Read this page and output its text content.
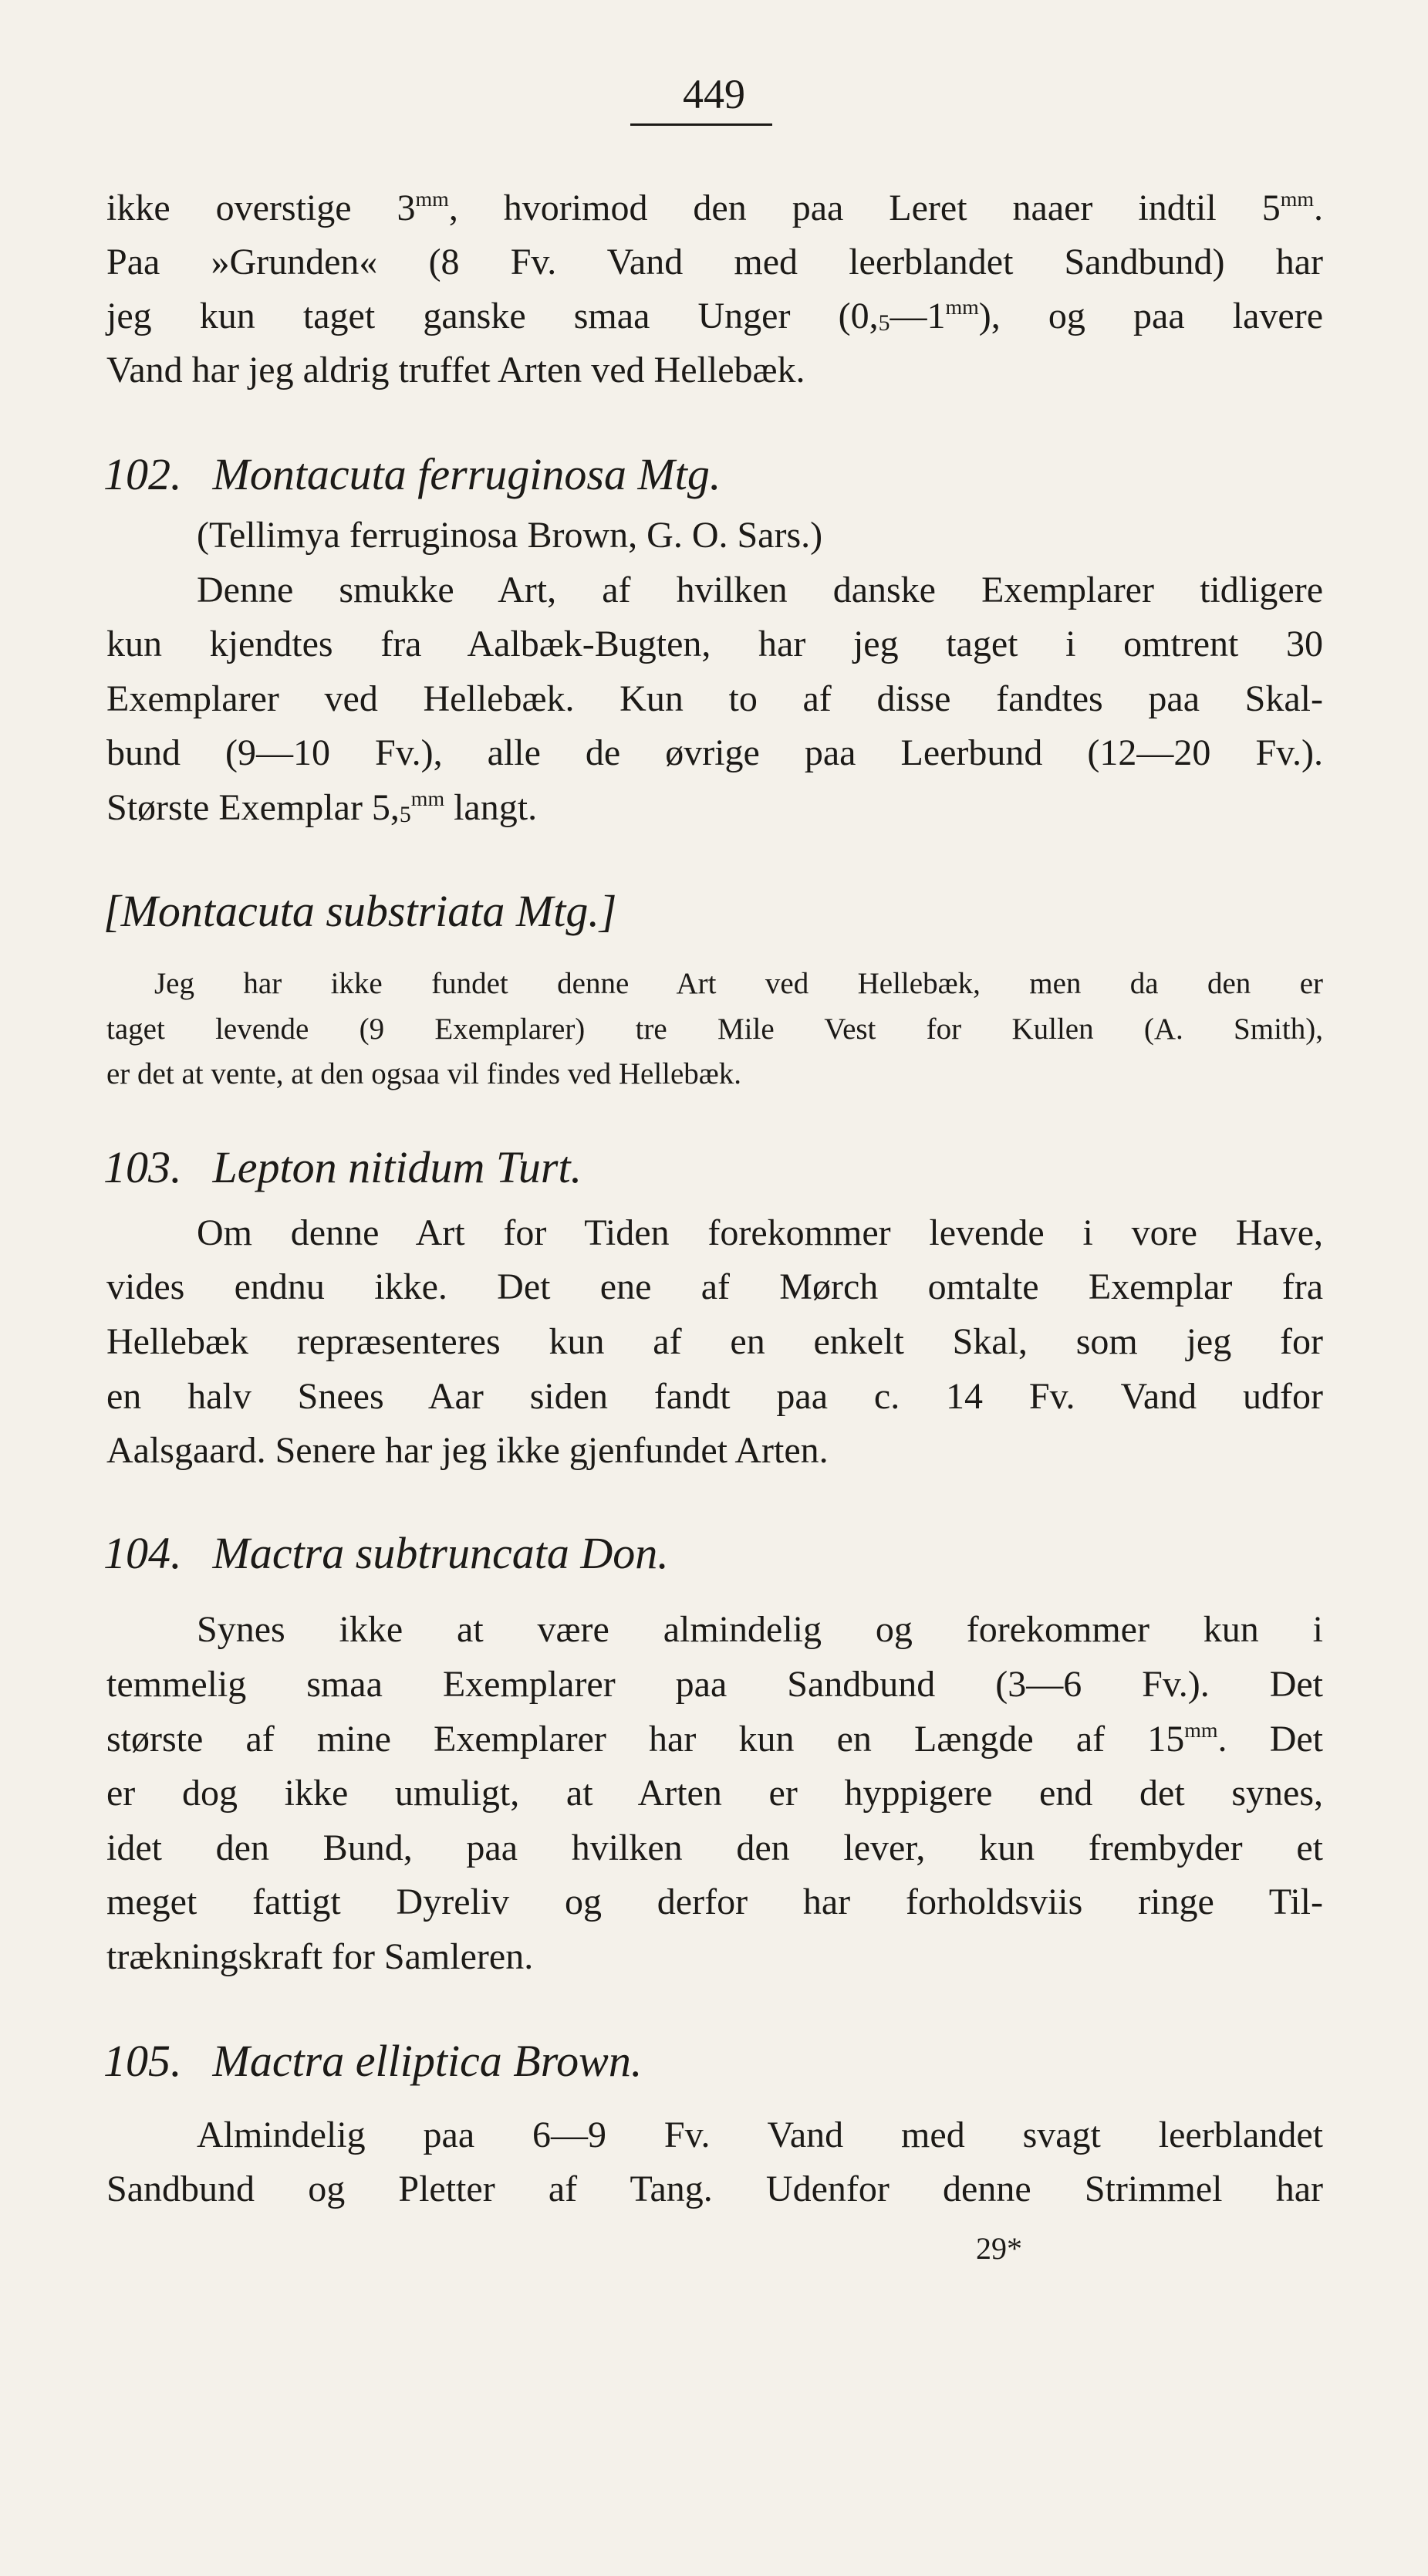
449
ikke overstige $3^{mm}$, hvorimod den paa Leret naaer indtil $5^{mm}$.
Paa »Grunden« (8 Fv. Vand med leerblandet Sandbund) har
jeg kun taget ganske smaa Unger $(0,_5—1^{mm})$, og paa lavere
Vand har jeg aldrig truffet Arten ved Hellebæk.
102. Montacuta ferruginosa Mtg.
(Tellimya ferruginosa Brown, G. O. Sars.)
Denne smukke Art, af hvilken danske Exemplarer tidligere
kun kjendtes fra Aalbæk-Bugten, har jeg taget i omtrent 30
Exemplarer ved Hellebæk. Kun to af disse fandtes paa Skal-
bund (9—10 Fv.), alle de øvrige paa Leerbund (12—20 Fv.).
Største Exemplar $5,_5^{mm}$ langt.
[Montacuta substriata Mtg.]
Jeg har ikke fundet denne Art ved Hellebæk, men da den er
taget levende (9 Exemplarer) tre Mile Vest for Kullen (A. Smith),
er det at vente, at den ogsaa vil findes ved Hellebæk.
103. Lepton nitidum Turt.
Om denne Art for Tiden forekommer levende i vore Have,
vides endnu ikke. Det ene af Mørch omtalte Exemplar fra
Hellebæk repræsenteres kun af en enkelt Skal, som jeg for
en halv Snees Aar siden fandt paa c. 14 Fv. Vand udfor
Aalsgaard. Senere har jeg ikke gjenfundet Arten.
104. Mactra subtruncata Don.
Synes ikke at være almindelig og forekommer kun i
temmelig smaa Exemplarer paa Sandbund (3—6 Fv.). Det
største af mine Exemplarer har kun en Længde af $15^{mm}$. Det
er dog ikke umuligt, at Arten er hyppigere end det synes,
idet den Bund, paa hvilken den lever, kun frembyder et
meget fattigt Dyreliv og derfor har forholdsviis ringe Til-
trækningskraft for Samleren.
105. Mactra elliptica Brown.
Almindelig paa 6—9 Fv. Vand med svagt leerblandet
Sandbund og Pletter af Tang. Udenfor denne Strimmel har
29*
